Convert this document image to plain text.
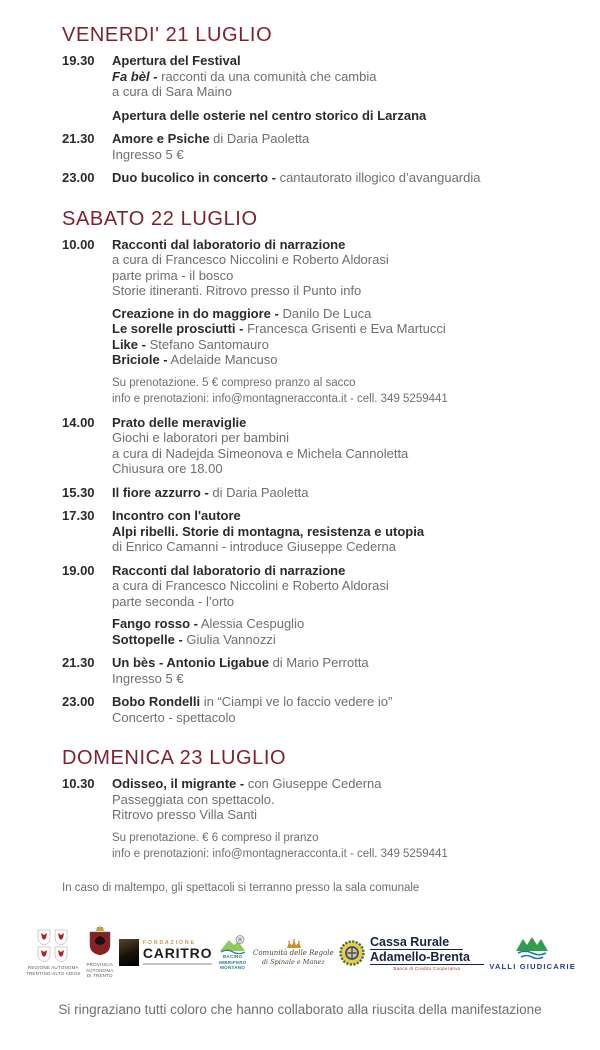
VENERDI' 21 LUGLIO
19.30	Apertura del Festival
Fa bèl - racconti da una comunità che cambia
a cura di Sara Maino
Apertura delle osterie nel centro storico di Larzana
21.30	Amore e Psiche di Daria Paoletta
Ingresso 5 €
23.00	Duo bucolico in concerto - cantautorato illogico d’avanguardia
SABATO 22 LUGLIO
10.00	Racconti dal laboratorio di narrazione
a cura di Francesco Niccolini e Roberto Aldorasi
parte prima - il bosco
Storie itineranti. Ritrovo presso il Punto info
Creazione in do maggiore - Danilo De Luca
Le sorelle prosciutti - Francesca Grisenti e Eva Martucci
Like - Stefano Santomauro
Briciole - Adelaide Mancuso
Su prenotazione. 5 € compreso pranzo al sacco
info e prenotazioni: info@montagneracconta.it - cell. 349 5259441
14.00	Prato delle meraviglie
Giochi e laboratori per bambini
a cura di Nadejda Simeonova e Michela Cannoletta
Chiusura ore 18.00
15.30	Il fiore azzurro - di Daria Paoletta
17.30	Incontro con l'autore
Alpi ribelli. Storie di montagna, resistenza e utopia
di Enrico Camanni - introduce Giuseppe Cederna
19.00	Racconti dal laboratorio di narrazione
a cura di Francesco Niccolini e Roberto Aldorasi
parte seconda - l’orto
Fango rosso - Alessia Cespuglio
Sottopelle - Giulia Vannozzi
21.30	Un bès - Antonio Ligabue di Mario Perrotta
Ingresso 5 €
23.00	Bobo Rondelli in “Ciampi ve lo faccio vedere io”
Concerto - spettacolo
DOMENICA 23 LUGLIO
10.30	Odisseo, il migrante - con Giuseppe Cederna
Passeggiata con spettacolo.
Ritrovo presso Villa Santi
Su prenotazione. € 6 compreso il pranzo
info e prenotazioni: info@montagneracconta.it - cell. 349 5259441
In caso di maltempo, gli spettacoli si terranno presso la sala comunale
REGIONE AUTONOMA
TRENTINO-ALTO ADIGE
PROVINCIA
AUTONOMA
DI TRENTO
FONDAZIONE
CARITRO BACINO
IMBRIFERO
MONTANO
Comunità delle Regole
di Spinale e Manez
Cassa Rurale
Adamello-Brenta
Banca di Credito Cooperativo	VALLI GIUDICARIE
Si ringraziano tutti coloro che hanno collaborato alla riuscita della manifestazione
